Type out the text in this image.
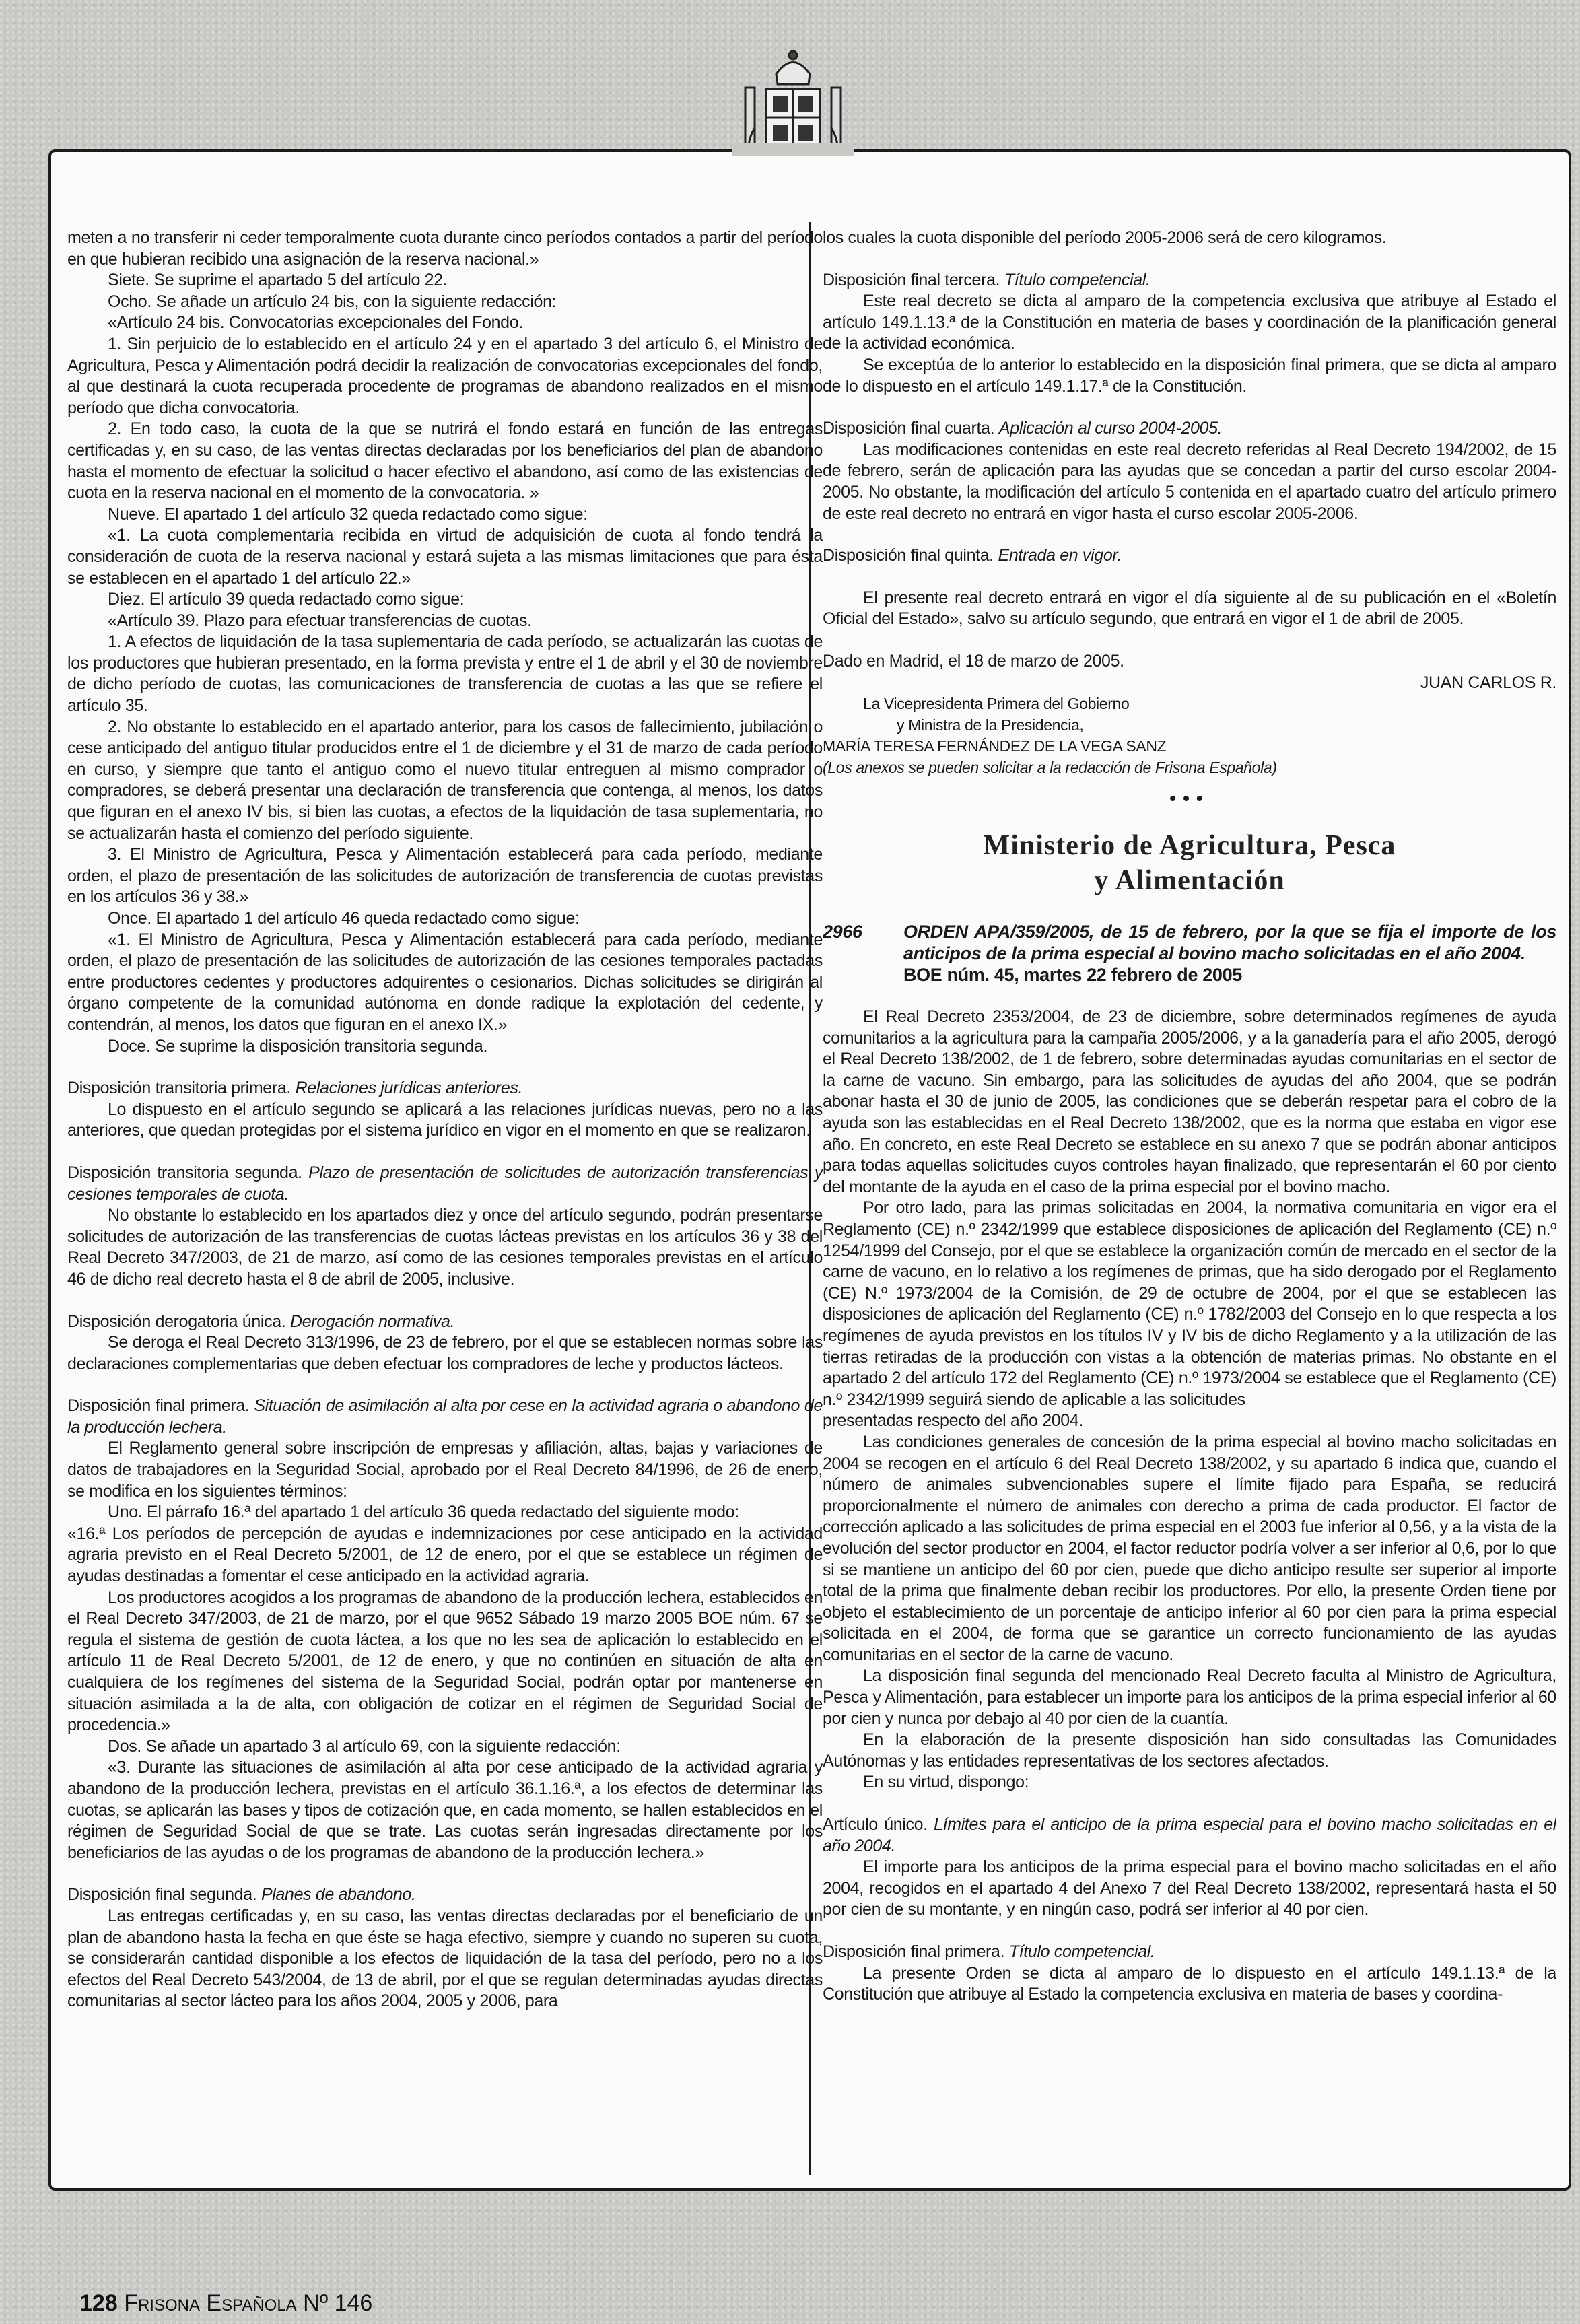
meten a no transferir ni ceder temporalmente cuota durante cinco períodos contados a partir del período en que hubieran recibido una asignación de la reserva nacional.»
Siete. Se suprime el apartado 5 del artículo 22.
Ocho. Se añade un artículo 24 bis, con la siguiente redacción:
«Artículo 24 bis. Convocatorias excepcionales del Fondo.
1. Sin perjuicio de lo establecido en el artículo 24 y en el apartado 3 del artículo 6, el Ministro de Agricultura, Pesca y Alimentación podrá decidir la realización de convocatorias excepcionales del fondo, al que destinará la cuota recuperada procedente de programas de abandono realizados en el mismo período que dicha convocatoria.
2. En todo caso, la cuota de la que se nutrirá el fondo estará en función de las entregas certificadas y, en su caso, de las ventas directas declaradas por los beneficiarios del plan de abandono hasta el momento de efectuar la solicitud o hacer efectivo el abandono, así como de las existencias de cuota en la reserva nacional en el momento de la convocatoria. »
Nueve. El apartado 1 del artículo 32 queda redactado como sigue:
«1. La cuota complementaria recibida en virtud de adquisición de cuota al fondo tendrá la consideración de cuota de la reserva nacional y estará sujeta a las mismas limitaciones que para ésta se establecen en el apartado 1 del artículo 22.»
Diez. El artículo 39 queda redactado como sigue:
«Artículo 39. Plazo para efectuar transferencias de cuotas.
1. A efectos de liquidación de la tasa suplementaria de cada período, se actualizarán las cuotas de los productores que hubieran presentado, en la forma prevista y entre el 1 de abril y el 30 de noviembre de dicho período de cuotas, las comunicaciones de transferencia de cuotas a las que se refiere el artículo 35.
2. No obstante lo establecido en el apartado anterior, para los casos de fallecimiento, jubilación o cese anticipado del antiguo titular producidos entre el 1 de diciembre y el 31 de marzo de cada período en curso, y siempre que tanto el antiguo como el nuevo titular entreguen al mismo comprador o compradores, se deberá presentar una declaración de transferencia que contenga, al menos, los datos que figuran en el anexo IV bis, si bien las cuotas, a efectos de la liquidación de tasa suplementaria, no se actualizarán hasta el comienzo del período siguiente.
3. El Ministro de Agricultura, Pesca y Alimentación establecerá para cada período, mediante orden, el plazo de presentación de las solicitudes de autorización de transferencia de cuotas previstas en los artículos 36 y 38.»
Once. El apartado 1 del artículo 46 queda redactado como sigue:
«1. El Ministro de Agricultura, Pesca y Alimentación establecerá para cada período, mediante orden, el plazo de presentación de las solicitudes de autorización de las cesiones temporales pactadas entre productores cedentes y productores adquirentes o cesionarios. Dichas solicitudes se dirigirán al órgano competente de la comunidad autónoma en donde radique la explotación del cedente, y contendrán, al menos, los datos que figuran en el anexo IX.»
Doce. Se suprime la disposición transitoria segunda.
Disposición transitoria primera. Relaciones jurídicas anteriores.
Lo dispuesto en el artículo segundo se aplicará a las relaciones jurídicas nuevas, pero no a las anteriores, que quedan protegidas por el sistema jurídico en vigor en el momento en que se realizaron.
Disposición transitoria segunda. Plazo de presentación de solicitudes de autorización transferencias y cesiones temporales de cuota.
No obstante lo establecido en los apartados diez y once del artículo segundo, podrán presentarse solicitudes de autorización de las transferencias de cuotas lácteas previstas en los artículos 36 y 38 del Real Decreto 347/2003, de 21 de marzo, así como de las cesiones temporales previstas en el artículo 46 de dicho real decreto hasta el 8 de abril de 2005, inclusive.
Disposición derogatoria única. Derogación normativa.
Se deroga el Real Decreto 313/1996, de 23 de febrero, por el que se establecen normas sobre las declaraciones complementarias que deben efectuar los compradores de leche y productos lácteos.
Disposición final primera. Situación de asimilación al alta por cese en la actividad agraria o abandono de la producción lechera.
El Reglamento general sobre inscripción de empresas y afiliación, altas, bajas y variaciones de datos de trabajadores en la Seguridad Social, aprobado por el Real Decreto 84/1996, de 26 de enero, se modifica en los siguientes términos:
Uno. El párrafo 16.ª del apartado 1 del artículo 36 queda redactado del siguiente modo:
«16.ª Los períodos de percepción de ayudas e indemnizaciones por cese anticipado en la actividad agraria previsto en el Real Decreto 5/2001, de 12 de enero, por el que se establece un régimen de ayudas destinadas a fomentar el cese anticipado en la actividad agraria.
Los productores acogidos a los programas de abandono de la producción lechera, establecidos en el Real Decreto 347/2003, de 21 de marzo, por el que 9652 Sábado 19 marzo 2005 BOE núm. 67 se regula el sistema de gestión de cuota láctea, a los que no les sea de aplicación lo establecido en el artículo 11 de Real Decreto 5/2001, de 12 de enero, y que no continúen en situación de alta en cualquiera de los regímenes del sistema de la Seguridad Social, podrán optar por mantenerse en situación asimilada a la de alta, con obligación de cotizar en el régimen de Seguridad Social de procedencia.»
Dos. Se añade un apartado 3 al artículo 69, con la siguiente redacción:
«3. Durante las situaciones de asimilación al alta por cese anticipado de la actividad agraria y abandono de la producción lechera, previstas en el artículo 36.1.16.ª, a los efectos de determinar las cuotas, se aplicarán las bases y tipos de cotización que, en cada momento, se hallen establecidos en el régimen de Seguridad Social de que se trate. Las cuotas serán ingresadas directamente por los beneficiarios de las ayudas o de los programas de abandono de la producción lechera.»
Disposición final segunda. Planes de abandono.
Las entregas certificadas y, en su caso, las ventas directas declaradas por el beneficiario de un plan de abandono hasta la fecha en que éste se haga efectivo, siempre y cuando no superen su cuota, se considerarán cantidad disponible a los efectos de liquidación de la tasa del período, pero no a los efectos del Real Decreto 543/2004, de 13 de abril, por el que se regulan determinadas ayudas directas comunitarias al sector lácteo para los años 2004, 2005 y 2006, para
los cuales la cuota disponible del período 2005-2006 será de cero kilogramos.
Disposición final tercera. Título competencial.
Este real decreto se dicta al amparo de la competencia exclusiva que atribuye al Estado el artículo 149.1.13.ª de la Constitución en materia de bases y coordinación de la planificación general de la actividad económica.
Se exceptúa de lo anterior lo establecido en la disposición final primera, que se dicta al amparo de lo dispuesto en el artículo 149.1.17.ª de la Constitución.
Disposición final cuarta. Aplicación al curso 2004-2005.
Las modificaciones contenidas en este real decreto referidas al Real Decreto 194/2002, de 15 de febrero, serán de aplicación para las ayudas que se concedan a partir del curso escolar 2004-2005. No obstante, la modificación del artículo 5 contenida en el apartado cuatro del artículo primero de este real decreto no entrará en vigor hasta el curso escolar 2005-2006.
Disposición final quinta. Entrada en vigor.
El presente real decreto entrará en vigor el día siguiente al de su publicación en el «Boletín Oficial del Estado», salvo su artículo segundo, que entrará en vigor el 1 de abril de 2005.
Dado en Madrid, el 18 de marzo de 2005.
JUAN CARLOS R.
La Vicepresidenta Primera del Gobierno
y Ministra de la Presidencia,
MARÍA TERESA FERNÁNDEZ DE LA VEGA SANZ
(Los anexos se pueden solicitar a la redacción de Frisona Española)
•••
Ministerio de Agricultura, Pesca
y Alimentación
2966	ORDEN APA/359/2005, de 15 de febrero, por la que se fija el importe de los anticipos de la prima especial al bovino macho solicitadas en el año 2004.
BOE núm. 45, martes 22 febrero de 2005
El Real Decreto 2353/2004, de 23 de diciembre, sobre determinados regímenes de ayuda comunitarios a la agricultura para la campaña 2005/2006, y a la ganadería para el año 2005, derogó el Real Decreto 138/2002, de 1 de febrero, sobre determinadas ayudas comunitarias en el sector de la carne de vacuno. Sin embargo, para las solicitudes de ayudas del año 2004, que se podrán abonar hasta el 30 de junio de 2005, las condiciones que se deberán respetar para el cobro de la ayuda son las establecidas en el Real Decreto 138/2002, que es la norma que estaba en vigor ese año. En concreto, en este Real Decreto se establece en su anexo 7 que se podrán abonar anticipos para todas aquellas solicitudes cuyos controles hayan finalizado, que representarán el 60 por ciento del montante de la ayuda en el caso de la prima especial por el bovino macho.
Por otro lado, para las primas solicitadas en 2004, la normativa comunitaria en vigor era el Reglamento (CE) n.º 2342/1999 que establece disposiciones de aplicación del Reglamento (CE) n.º 1254/1999 del Consejo, por el que se establece la organización común de mercado en el sector de la carne de vacuno, en lo relativo a los regímenes de primas, que ha sido derogado por el Reglamento (CE) N.º 1973/2004 de la Comisión, de 29 de octubre de 2004, por el que se establecen las disposiciones de aplicación del Reglamento (CE) n.º 1782/2003 del Consejo en lo que respecta a los regímenes de ayuda previstos en los títulos IV y IV bis de dicho Reglamento y a la utilización de las tierras retiradas de la producción con vistas a la obtención de materias primas. No obstante en el apartado 2 del artículo 172 del Reglamento (CE) n.º 1973/2004 se establece que el Reglamento (CE) n.º 2342/1999 seguirá siendo de aplicable a las solicitudes
presentadas respecto del año 2004.
Las condiciones generales de concesión de la prima especial al bovino macho solicitadas en 2004 se recogen en el artículo 6 del Real Decreto 138/2002, y su apartado 6 indica que, cuando el número de animales subvencionables supere el límite fijado para España, se reducirá proporcionalmente el número de animales con derecho a prima de cada productor. El factor de corrección aplicado a las solicitudes de prima especial en el 2003 fue inferior al 0,56, y a la vista de la evolución del sector productor en 2004, el factor reductor podría volver a ser inferior al 0,6, por lo que si se mantiene un anticipo del 60 por cien, puede que dicho anticipo resulte ser superior al importe total de la prima que finalmente deban recibir los productores. Por ello, la presente Orden tiene por objeto el establecimiento de un porcentaje de anticipo inferior al 60 por cien para la prima especial solicitada en el 2004, de forma que se garantice un correcto funcionamiento de las ayudas comunitarias en el sector de la carne de vacuno.
La disposición final segunda del mencionado Real Decreto faculta al Ministro de Agricultura, Pesca y Alimentación, para establecer un importe para los anticipos de la prima especial inferior al 60 por cien y nunca por debajo al 40 por cien de la cuantía.
En la elaboración de la presente disposición han sido consultadas las Comunidades Autónomas y las entidades representativas de los sectores afectados.
En su virtud, dispongo:
Artículo único. Límites para el anticipo de la prima especial para el bovino macho solicitadas en el año 2004.
El importe para los anticipos de la prima especial para el bovino macho solicitadas en el año 2004, recogidos en el apartado 4 del Anexo 7 del Real Decreto 138/2002, representará hasta el 50 por cien de su montante, y en ningún caso, podrá ser inferior al 40 por cien.
Disposición final primera. Título competencial.
La presente Orden se dicta al amparo de lo dispuesto en el artículo 149.1.13.ª de la Constitución que atribuye al Estado la competencia exclusiva en materia de bases y coordina-
128 Frisona Española Nº 146
